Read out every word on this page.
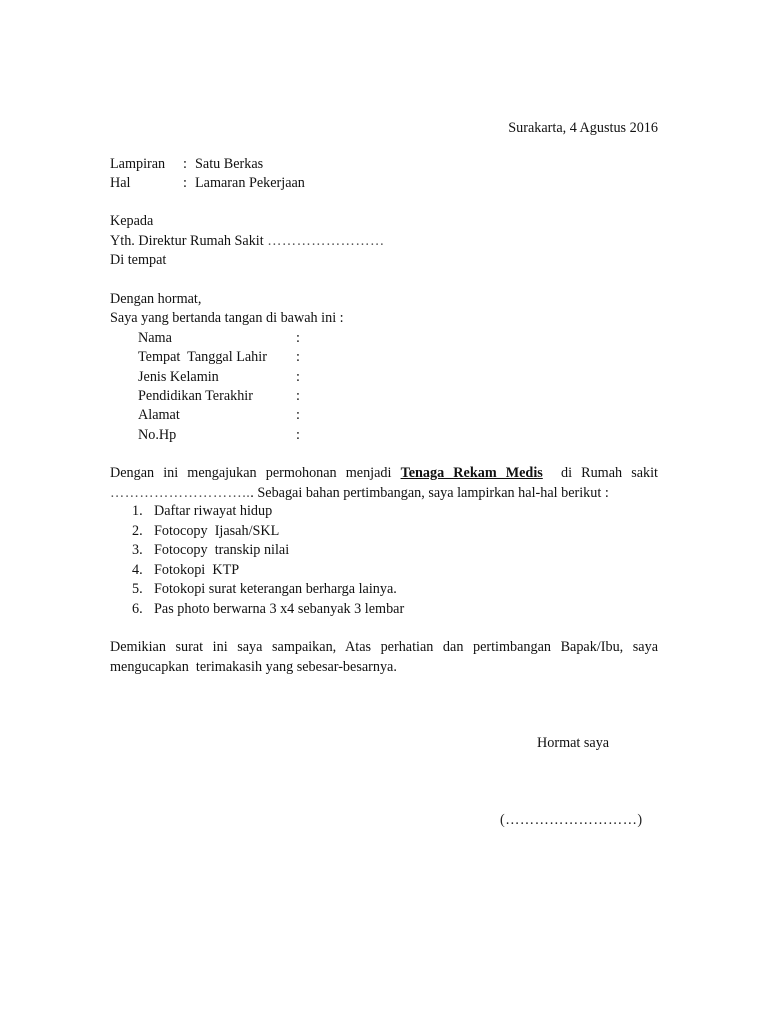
Surakarta, 4 Agustus 2016
Lampiran : Satu Berkas
Hal	: Lamaran Pekerjaan
Kepada
Yth. Direktur Rumah Sakit ……………………
Di tempat
Dengan hormat,
Saya yang bertanda tangan di bawah ini :
Nama	:
Tempat  Tanggal Lahir :
Jenis Kelamin	:
Pendidikan Terakhir	:
Alamat	:
No.Hp	:
Dengan ini mengajukan permohonan menjadi Tenaga Rekam Medis di Rumah sakit ………………………... Sebagai bahan pertimbangan, saya lampirkan hal-hal berikut :
1. Daftar riwayat hidup
2. Fotocopy  Ijasah/SKL
3. Fotocopy  transkip nilai
4. Fotokopi  KTP
5. Fotokopi surat keterangan berharga lainya.
6. Pas photo berwarna 3 x4 sebanyak 3 lembar
Demikian surat ini saya sampaikan, Atas perhatian dan pertimbangan Bapak/Ibu, saya mengucapkan  terimakasih yang sebesar-besarnya.
Hormat saya
(………………………)
